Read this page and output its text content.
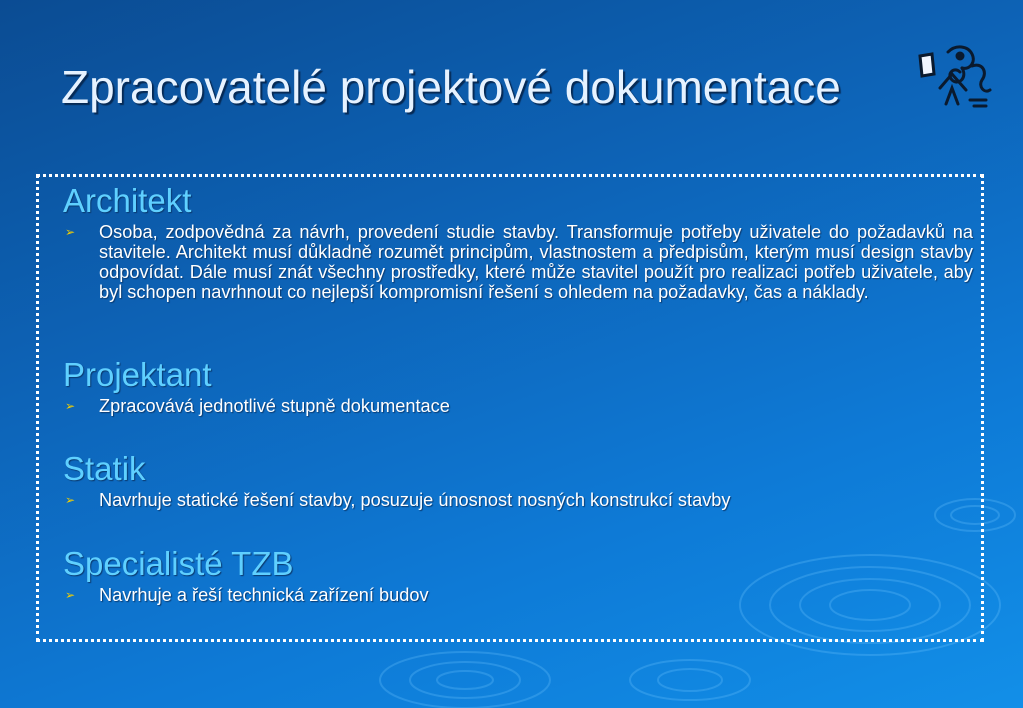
Zpracovatelé projektové dokumentace
Architekt
➢ Osoba, zodpovědná za návrh, provedení studie stavby. Transformuje potřeby uživatele do požadavků na stavitele. Architekt musí důkladně rozumět principům, vlastnostem a předpisům, kterým musí design stavby odpovídat. Dále musí znát všechny prostředky, které může stavitel použít pro realizaci potřeb uživatele, aby byl schopen navrhnout co nejlepší kompromisní řešení s ohledem na požadavky, čas a náklady.
Projektant
➢ Zpracovává jednotlivé stupně dokumentace
Statik
➢ Navrhuje statické řešení stavby, posuzuje únosnost nosných konstrukcí stavby
Specialisté TZB
➢ Navrhuje a řeší technická zařízení budov
